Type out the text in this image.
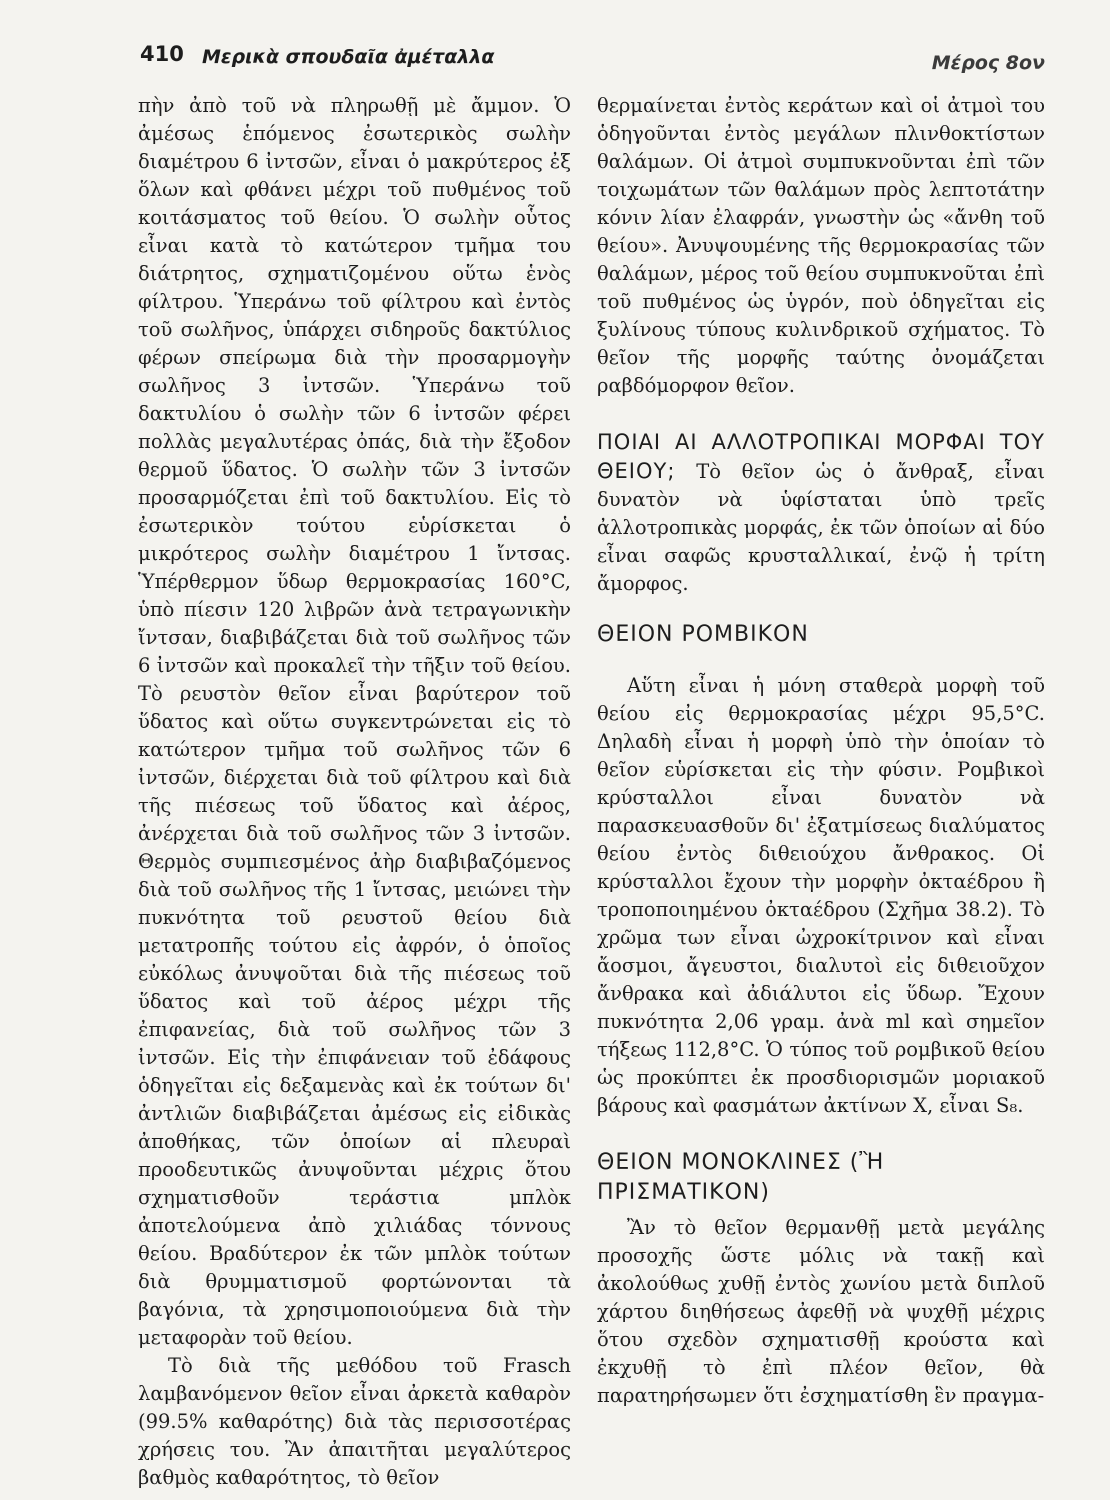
410 Μερικὰ σπουδαῖα ἀμέταλλα	Μέρος 8ον

πὴν ἀπὸ τοῦ νὰ πληρωθῇ μὲ ἄμμον. Ὁ ἀμέσως ἑπόμενος ἐσωτερικὸς σωλὴν διαμέτρου 6 ἰντσῶν, εἶναι ὁ μακρύτερος ἐξ ὅλων καὶ φθάνει μέχρι τοῦ πυθμένος τοῦ κοιτάσματος τοῦ θείου. Ὁ σωλὴν οὗτος εἶναι κατὰ τὸ κατώτερον τμῆμα του διάτρητος, σχηματιζομένου οὕτω ἑνὸς φίλτρου. Ὑπεράνω τοῦ φίλτρου καὶ ἐντὸς τοῦ σωλῆνος, ὑπάρχει σιδηροῦς δακτύλιος φέρων σπείρωμα διὰ τὴν προσαρμογὴν σωλῆνος 3 ἰντσῶν. Ὑπεράνω τοῦ δακτυλίου ὁ σωλὴν τῶν 6 ἰντσῶν φέρει πολλὰς μεγαλυτέρας ὀπάς, διὰ τὴν ἔξοδον θερμοῦ ὕδατος. Ὁ σωλὴν τῶν 3 ἰντσῶν προσαρμόζεται ἐπὶ τοῦ δακτυλίου. Εἰς τὸ ἐσωτερικὸν τούτου εὑρίσκεται ὁ μικρότερος σωλὴν διαμέτρου 1 ἴντσας. Ὑπέρθερμον ὕδωρ θερμοκρασίας 160°C, ὑπὸ πίεσιν 120 λιβρῶν ἀνὰ τετραγωνικὴν ἴντσαν, διαβιβάζεται διὰ τοῦ σωλῆνος τῶν 6 ἰντσῶν καὶ προκαλεῖ τὴν τῆξιν τοῦ θείου. Τὸ ρευστὸν θεῖον εἶναι βαρύτερον τοῦ ὕδατος καὶ οὕτω συγκεντρώνεται εἰς τὸ κατώτερον τμῆμα τοῦ σωλῆνος τῶν 6 ἰντσῶν, διέρχεται διὰ τοῦ φίλτρου καὶ διὰ τῆς πιέσεως τοῦ ὕδατος καὶ ἀέρος, ἀνέρχεται διὰ τοῦ σωλῆνος τῶν 3 ἰντσῶν. Θερμὸς συμπιεσμένος ἀὴρ διαβιβαζόμενος διὰ τοῦ σωλῆνος τῆς 1 ἴντσας, μειώνει τὴν πυκνότητα τοῦ ρευστοῦ θείου διὰ μετατροπῆς τούτου εἰς ἀφρόν, ὁ ὁποῖος εὐκόλως ἀνυψοῦται διὰ τῆς πιέσεως τοῦ ὕδατος καὶ τοῦ ἀέρος μέχρι τῆς ἐπιφανείας, διὰ τοῦ σωλῆνος τῶν 3 ἰντσῶν. Εἰς τὴν ἐπιφάνειαν τοῦ ἐδάφους ὁδηγεῖται εἰς δεξαμενὰς καὶ ἐκ τούτων δι' ἀντλιῶν διαβιβάζεται ἀμέσως εἰς εἰδικὰς ἀποθήκας, τῶν ὁποίων αἱ πλευραὶ προοδευτικῶς ἀνυψοῦνται μέχρις ὅτου σχηματισθοῦν τεράστια μπλὸκ ἀποτελούμενα ἀπὸ χιλιάδας τόννους θείου. Βραδύτερον ἐκ τῶν μπλὸκ τούτων διὰ θρυμματισμοῦ φορτώνονται τὰ βαγόνια, τὰ χρησιμοποιούμενα διὰ τὴν μεταφορὰν τοῦ θείου.

Τὸ διὰ τῆς μεθόδου τοῦ Frasch λαμβανόμενον θεῖον εἶναι ἀρκετὰ καθαρὸν (99.5% καθαρότης) διὰ τὰς περισσοτέρας χρήσεις του. Ἂν ἀπαιτῆται μεγαλύτερος βαθμὸς καθαρότητος, τὸ θεῖον

θερμαίνεται ἐντὸς κεράτων καὶ οἱ ἀτμοὶ του ὁδηγοῦνται ἐντὸς μεγάλων πλινθοκτίστων θαλάμων. Οἱ ἀτμοὶ συμπυκνοῦνται ἐπὶ τῶν τοιχωμάτων τῶν θαλάμων πρὸς λεπτοτάτην κόνιν λίαν ἐλαφράν, γνωστὴν ὡς «ἄνθη τοῦ θείου». Ἀνυψουμένης τῆς θερμοκρασίας τῶν θαλάμων, μέρος τοῦ θείου συμπυκνοῦται ἐπὶ τοῦ πυθμένος ὡς ὑγρόν, ποὺ ὁδηγεῖται εἰς ξυλίνους τύπους κυλινδρικοῦ σχήματος. Τὸ θεῖον τῆς μορφῆς ταύτης ὀνομάζεται ραβδόμορφον θεῖον.

ΠΟΙΑΙ ΑΙ ΑΛΛΟΤΡΟΠΙΚΑΙ ΜΟΡΦΑΙ ΤΟΥ ΘΕΙΟΥ; Τὸ θεῖον ὡς ὁ ἄνθραξ, εἶναι δυνατὸν νὰ ὑφίσταται ὑπὸ τρεῖς ἀλλοτροπικὰς μορφάς, ἐκ τῶν ὁποίων αἱ δύο εἶναι σαφῶς κρυσταλλικαί, ἐνῷ ἡ τρίτη ἄμορφος.

ΘΕΙΟΝ ΡΟΜΒΙΚΟΝ

Αὕτη εἶναι ἡ μόνη σταθερὰ μορφὴ τοῦ θείου εἰς θερμοκρασίας μέχρι 95,5°C. Δηλαδὴ εἶναι ἡ μορφὴ ὑπὸ τὴν ὁποίαν τὸ θεῖον εὑρίσκεται εἰς τὴν φύσιν. Ρομβικοὶ κρύσταλλοι εἶναι δυνατὸν νὰ παρασκευασθοῦν δι' ἐξατμίσεως διαλύματος θείου ἐντὸς διθειούχου ἄνθρακος. Οἱ κρύσταλλοι ἔχουν τὴν μορφὴν ὀκταέδρου ἢ τροποποιημένου ὀκταέδρου (Σχῆμα 38.2). Τὸ χρῶμα των εἶναι ὠχροκίτρινον καὶ εἶναι ἄοσμοι, ἄγευστοι, διαλυτοὶ εἰς διθειοῦχον ἄνθρακα καὶ ἀδιάλυτοι εἰς ὕδωρ. Ἔχουν πυκνότητα 2,06 γραμ. ἀνὰ ml καὶ σημεῖον τήξεως 112,8°C. Ὁ τύπος τοῦ ρομβικοῦ θείου ὡς προκύπτει ἐκ προσδιορισμῶν μοριακοῦ βάρους καὶ φασμάτων ἀκτίνων X, εἶναι S₈.

ΘΕΙΟΝ ΜΟΝΟΚΛΙΝΕΣ (Ἢ ΠΡΙΣΜΑΤΙΚΟΝ)

Ἂν τὸ θεῖον θερμανθῇ μετὰ μεγάλης προσοχῆς ὥστε μόλις νὰ τακῇ καὶ ἀκολούθως χυθῇ ἐντὸς χωνίου μετὰ διπλοῦ χάρτου διηθήσεως ἀφεθῇ νὰ ψυχθῇ μέχρις ὅτου σχεδὸν σχηματισθῇ κρούστα καὶ ἐκχυθῇ τὸ ἐπὶ πλέον θεῖον, θὰ παρατηρήσωμεν ὅτι ἐσχηματίσθη ἓν πραγμα-
